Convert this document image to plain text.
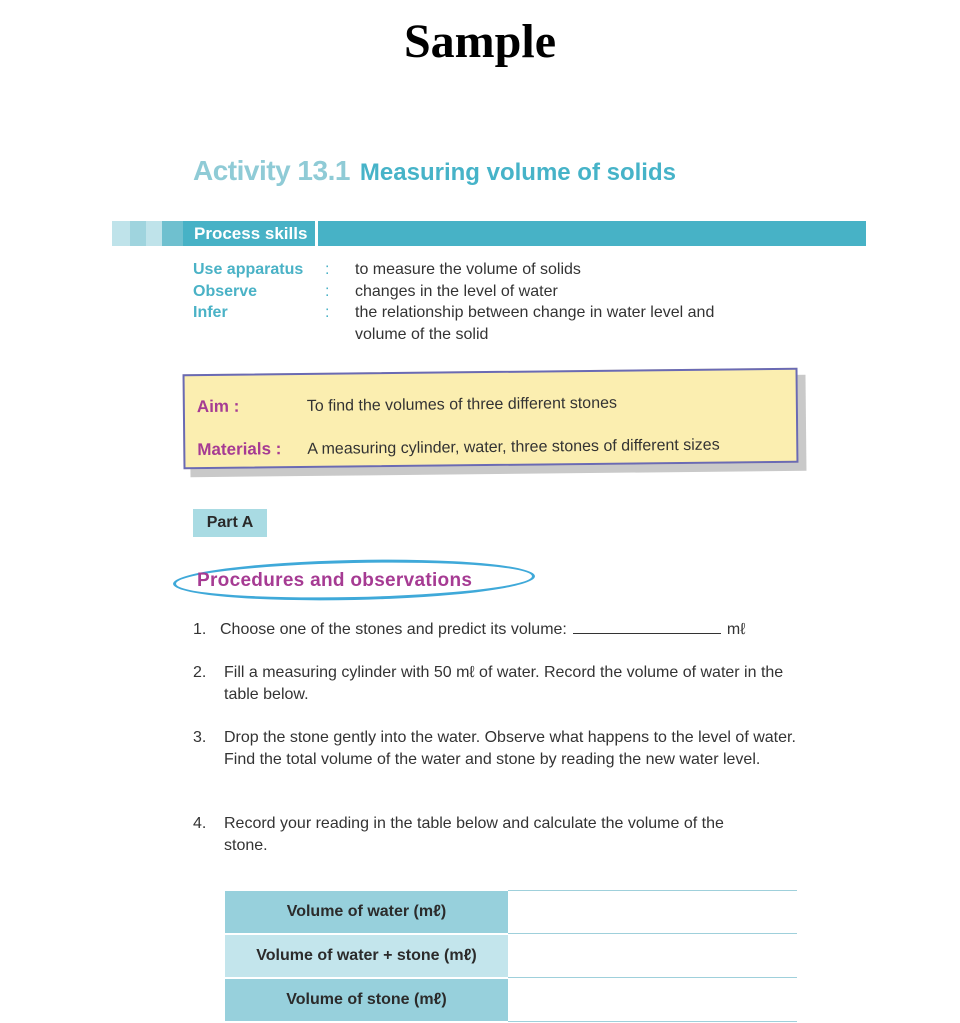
Sample
Activity 13.1 Measuring volume of solids
Process skills
Use apparatus	:	to measure the volume of solids
Observe	:	changes in the level of water
Infer	:	the relationship between change in water level and volume of the solid
Aim :	To find the volumes of three different stones
Materials : A measuring cylinder, water, three stones of different sizes
Part A
Procedures and observations
1. Choose one of the stones and predict its volume:	mℓ
2. Fill a measuring cylinder with 50 mℓ of water. Record the volume of water in the table below.
3. Drop the stone gently into the water. Observe what happens to the level of water. Find the total volume of the water and stone by reading the new water level.
4. Record your reading in the table below and calculate the volume of the stone.
Volume of water (mℓ)	
Volume of water + stone (mℓ)	
Volume of stone (mℓ)	
